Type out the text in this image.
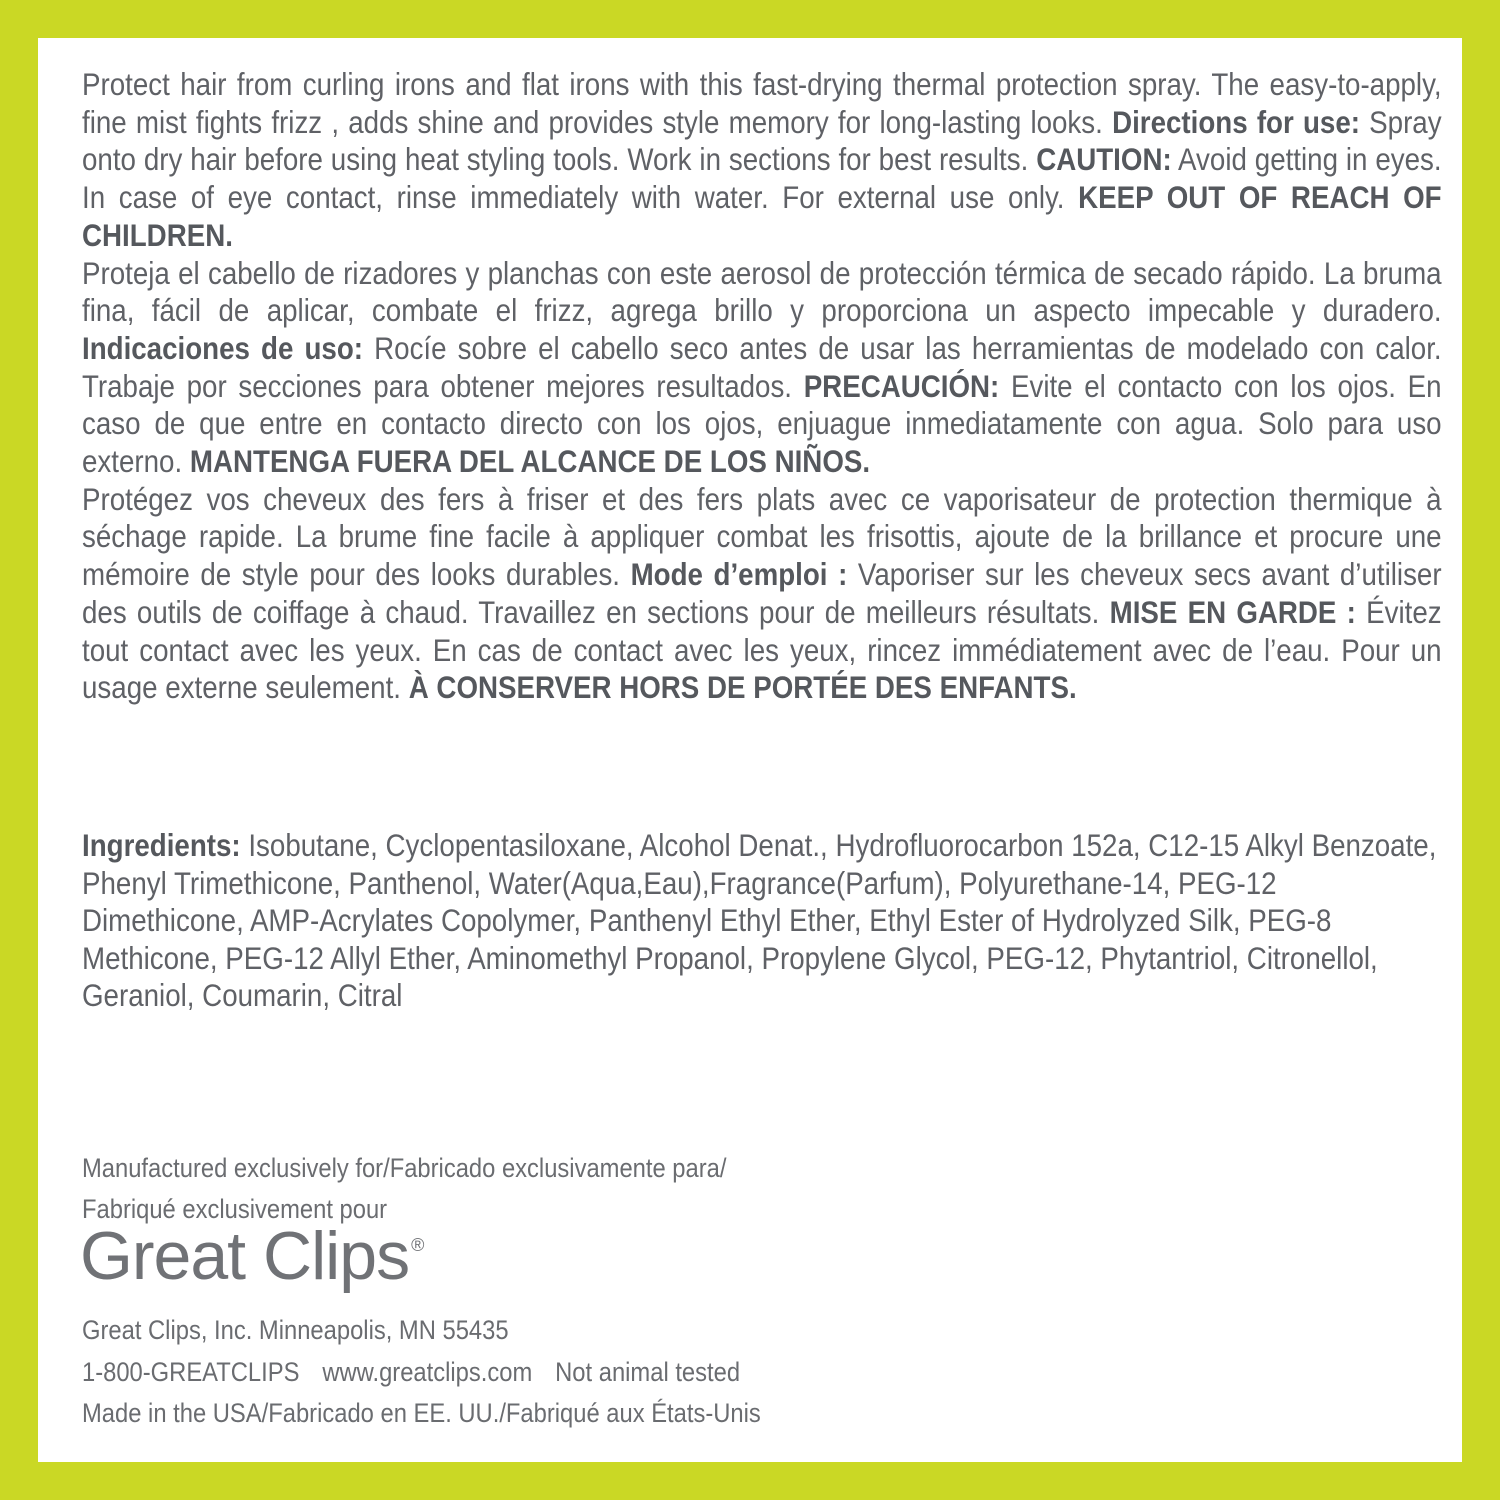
Protect hair from curling irons and flat irons with this fast-drying thermal protection spray. The easy-to-apply, fine mist fights frizz , adds shine and provides style memory for long-lasting looks. Directions for use: Spray onto dry hair before using heat styling tools. Work in sections for best results. CAUTION: Avoid getting in eyes. In case of eye contact, rinse immediately with water. For external use only. KEEP OUT OF REACH OF CHILDREN.

Proteja el cabello de rizadores y planchas con este aerosol de protección térmica de secado rápido. La bruma fina, fácil de aplicar, combate el frizz, agrega brillo y proporciona un aspecto impecable y duradero. Indicaciones de uso: Rocíe sobre el cabello seco antes de usar las herramientas de modelado con calor. Trabaje por secciones para obtener mejores resultados. PRECAUCIÓN: Evite el contacto con los ojos. En caso de que entre en contacto directo con los ojos, enjuague inmediatamente con agua. Solo para uso externo. MANTENGA FUERA DEL ALCANCE DE LOS NIÑOS.

Protégez vos cheveux des fers à friser et des fers plats avec ce vaporisateur de protection thermique à séchage rapide. La brume fine facile à appliquer combat les frisottis, ajoute de la brillance et procure une mémoire de style pour des looks durables. Mode d’emploi : Vaporiser sur les cheveux secs avant d’utiliser des outils de coiffage à chaud. Travaillez en sections pour de meilleurs résultats. MISE EN GARDE : Évitez tout contact avec les yeux. En cas de contact avec les yeux, rincez immédiatement avec de l’eau. Pour un usage externe seulement. À CONSERVER HORS DE PORTÉE DES ENFANTS.

Ingredients: Isobutane, Cyclopentasiloxane, Alcohol Denat., Hydrofluorocarbon 152a, C12-15 Alkyl Benzoate, Phenyl Trimethicone, Panthenol, Water(Aqua,Eau),Fragrance(Parfum), Polyurethane-14, PEG-12 Dimethicone, AMP-Acrylates Copolymer, Panthenyl Ethyl Ether, Ethyl Ester of Hydrolyzed Silk, PEG-8 Methicone, PEG-12 Allyl Ether, Aminomethyl Propanol, Propylene Glycol, PEG-12, Phytantriol, Citronellol, Geraniol, Coumarin, Citral

Manufactured exclusively for/Fabricado exclusivamente para/
Fabriqué exclusivement pour
Great Clips ®
Great Clips, Inc. Minneapolis, MN 55435
1-800-GREATCLIPS www.greatclips.com Not animal tested
Made in the USA/Fabricado en EE. UU./Fabriqué aux États-Unis
